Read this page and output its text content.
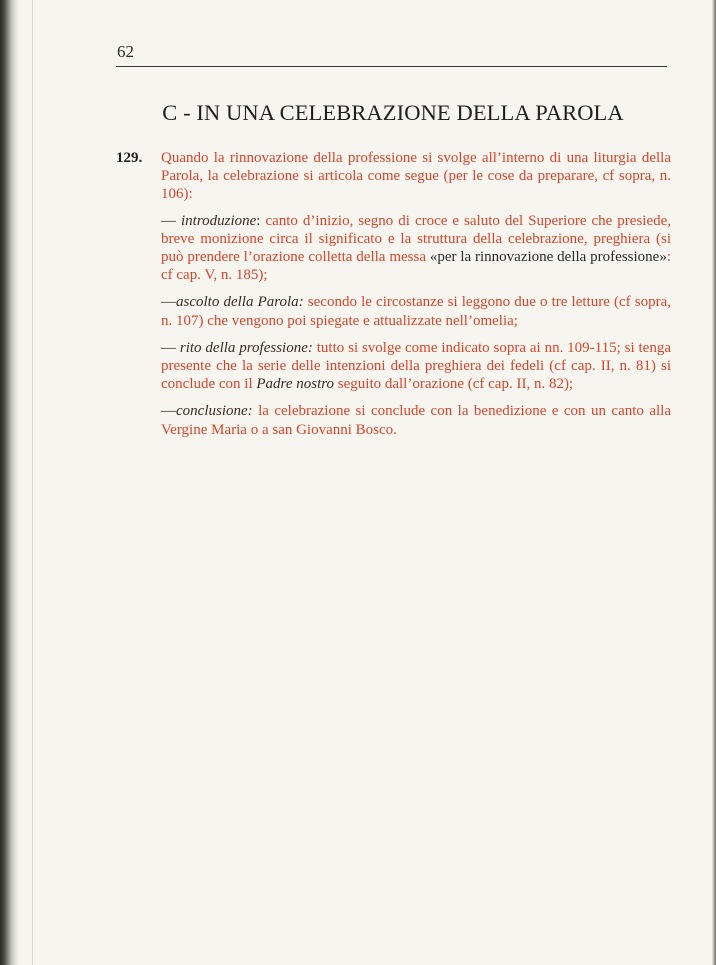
62
C - IN UNA CELEBRAZIONE DELLA PAROLA
129. Quando la rinnovazione della professione si svolge all’interno di una liturgia della Parola, la celebrazione si articola come segue (per le cose da preparare, cf sopra, n. 106):

— introduzione: canto d’inizio, segno di croce e saluto del Superiore che presiede, breve monizione circa il significato e la struttura della celebrazione, preghiera (si può prendere l’orazione colletta della messa «per la rinnovazione della professione»: cf cap. V, n. 185);

—ascolto della Parola: secondo le circostanze si leggono due o tre letture (cf sopra, n. 107) che vengono poi spiegate e attualizzate nell’omelia;

— rito della professione: tutto si svolge come indicato sopra ai nn. 109-115; si tenga presente che la serie delle intenzioni della preghiera dei fedeli (cf cap. II, n. 81) si conclude con il Padre nostro seguito dall’orazione (cf cap. II, n. 82);

—conclusione: la celebrazione si conclude con la benedizione e con un canto alla Vergine Maria o a san Giovanni Bosco.
